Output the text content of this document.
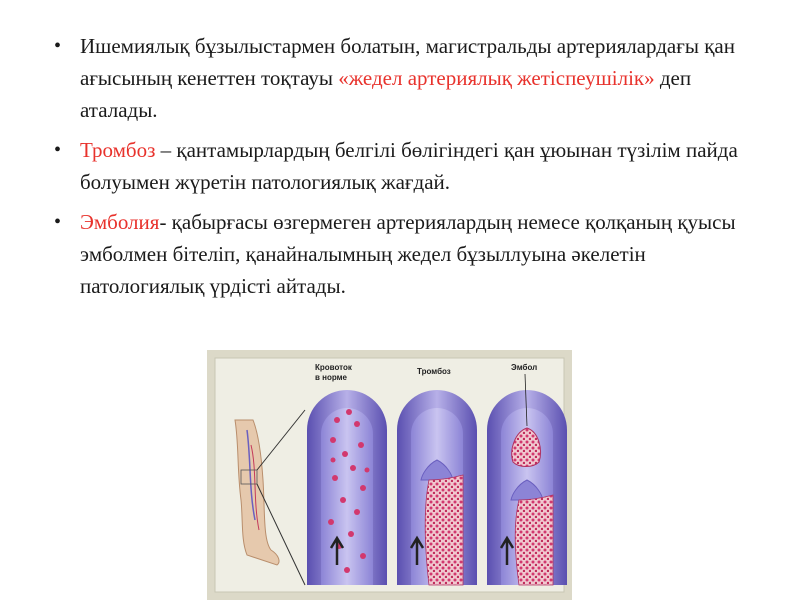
• Ишемиялық бұзылыстармен болатын, магистральды артериялардағы қан ағысының кенеттен тоқтауы «жедел артериялық жетіспеушілік» деп аталады.
• Тромбоз – қантамырлардың белгілі бөлігіндегі қан ұюынан түзілім пайда болуымен жүретін патологиялық жағдай.
• Эмболия- қабырғасы өзгермеген артериялардың немесе қолқаның қуысы эмболмен бітеліп, қанайналымның жедел бұзыллуына әкелетін патологиялық үрдісті айтады.
Кровоток в норме
Тромбоз	Эмбол
